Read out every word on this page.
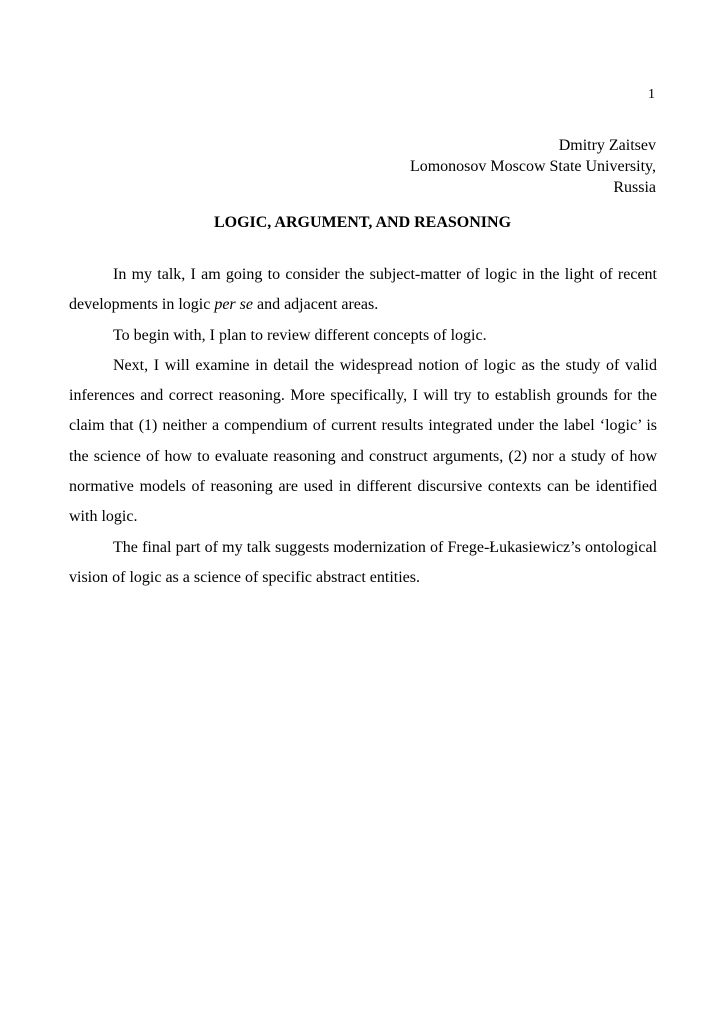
1
Dmitry Zaitsev
Lomonosov Moscow State University,
Russia
LOGIC, ARGUMENT, AND REASONING

In my talk, I am going to consider the subject-matter of logic in the light of recent developments in logic per se and adjacent areas.

To begin with, I plan to review different concepts of logic.

Next, I will examine in detail the widespread notion of logic as the study of valid inferences and correct reasoning. More specifically, I will try to establish grounds for the claim that (1) neither a compendium of current results integrated under the label ‘logic’ is the science of how to evaluate reasoning and construct arguments, (2) nor a study of how normative models of reasoning are used in different discursive contexts can be identified with logic.

The final part of my talk suggests modernization of Frege-Łukasiewicz’s ontological vision of logic as a science of specific abstract entities.
